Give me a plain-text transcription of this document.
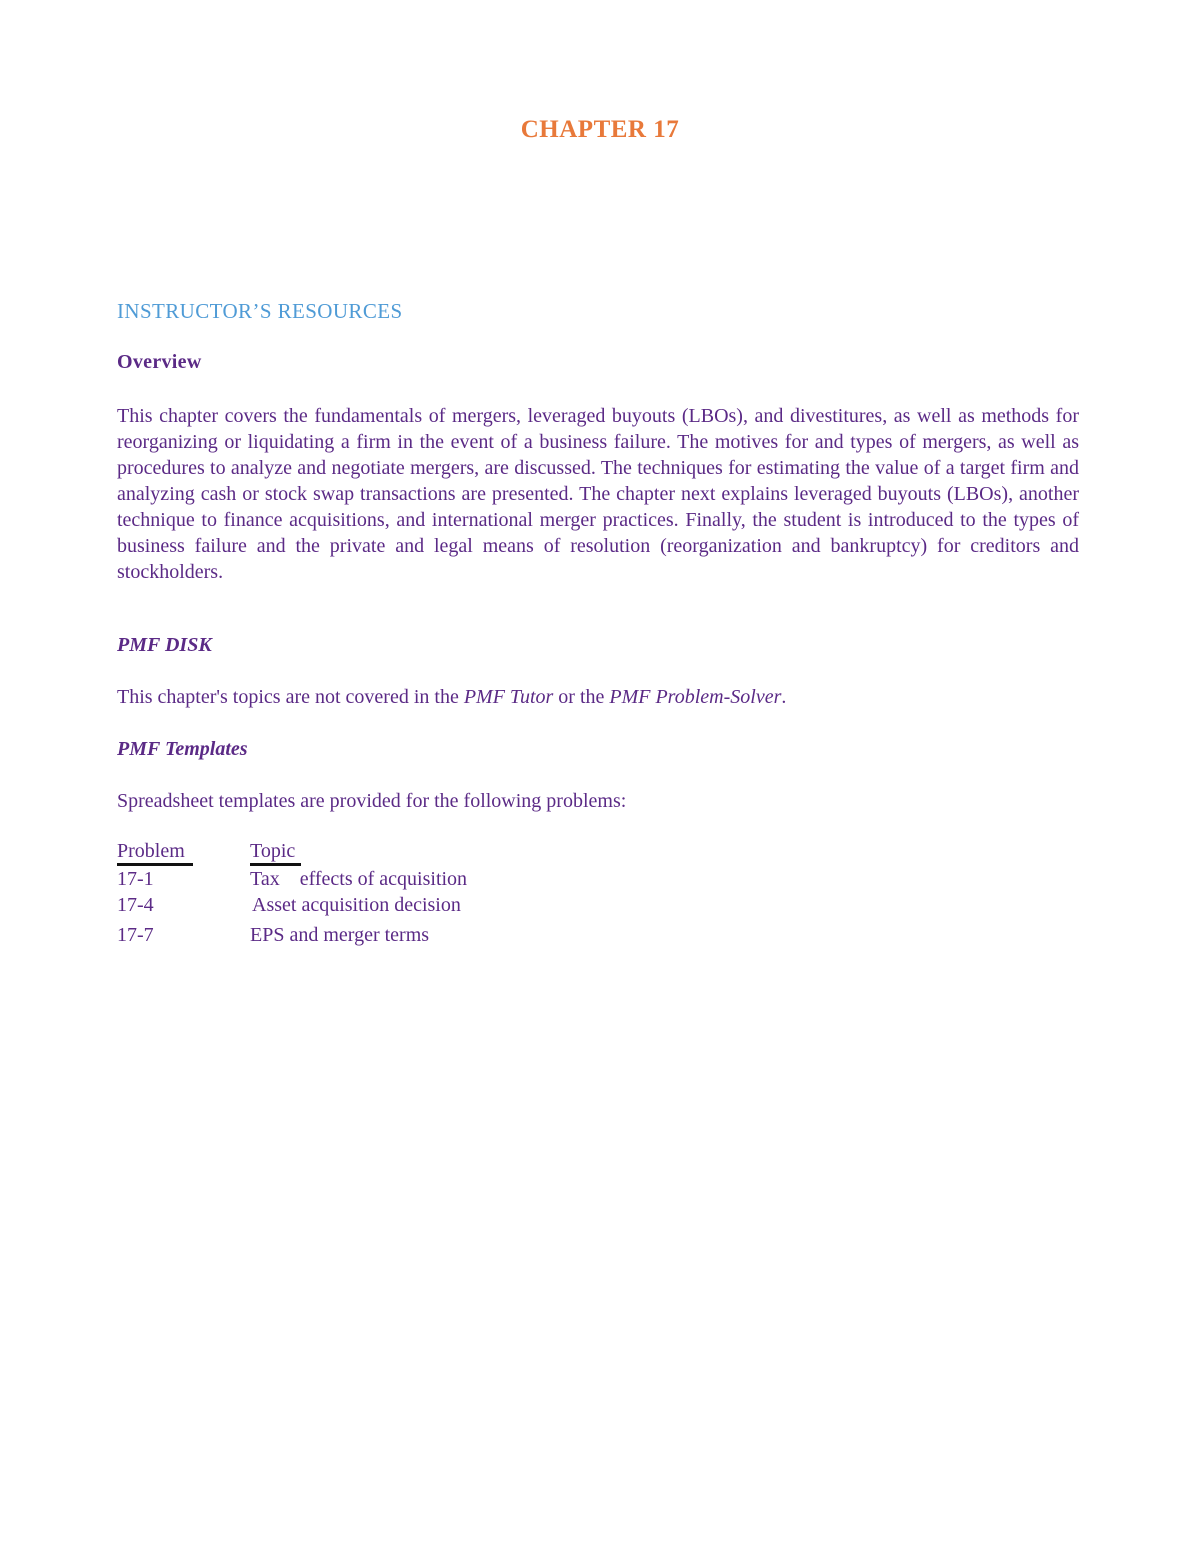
CHAPTER 17
INSTRUCTOR’S RESOURCES
Overview

This chapter covers the fundamentals of mergers, leveraged buyouts (LBOs), and divestitures, as well as methods for reorganizing or liquidating a firm in the event of a business failure. The motives for and types of mergers, as well as procedures to analyze and negotiate mergers, are discussed. The techniques for estimating the value of a target firm and analyzing cash or stock swap transactions are presented. The chapter next explains leveraged buyouts (LBOs), another technique to finance acquisitions, and international merger practices. Finally, the student is introduced to the types of business failure and the private and legal means of resolution (reorganization and bankruptcy) for creditors and stockholders.

PMF DISK
This chapter's topics are not covered in the PMF Tutor or the PMF Problem-Solver.
PMF Templates
Spreadsheet templates are provided for the following problems:
Problem	Topic
17-1	Tax    effects of acquisition
17-4	Asset acquisition decision
17-7	EPS and merger terms
